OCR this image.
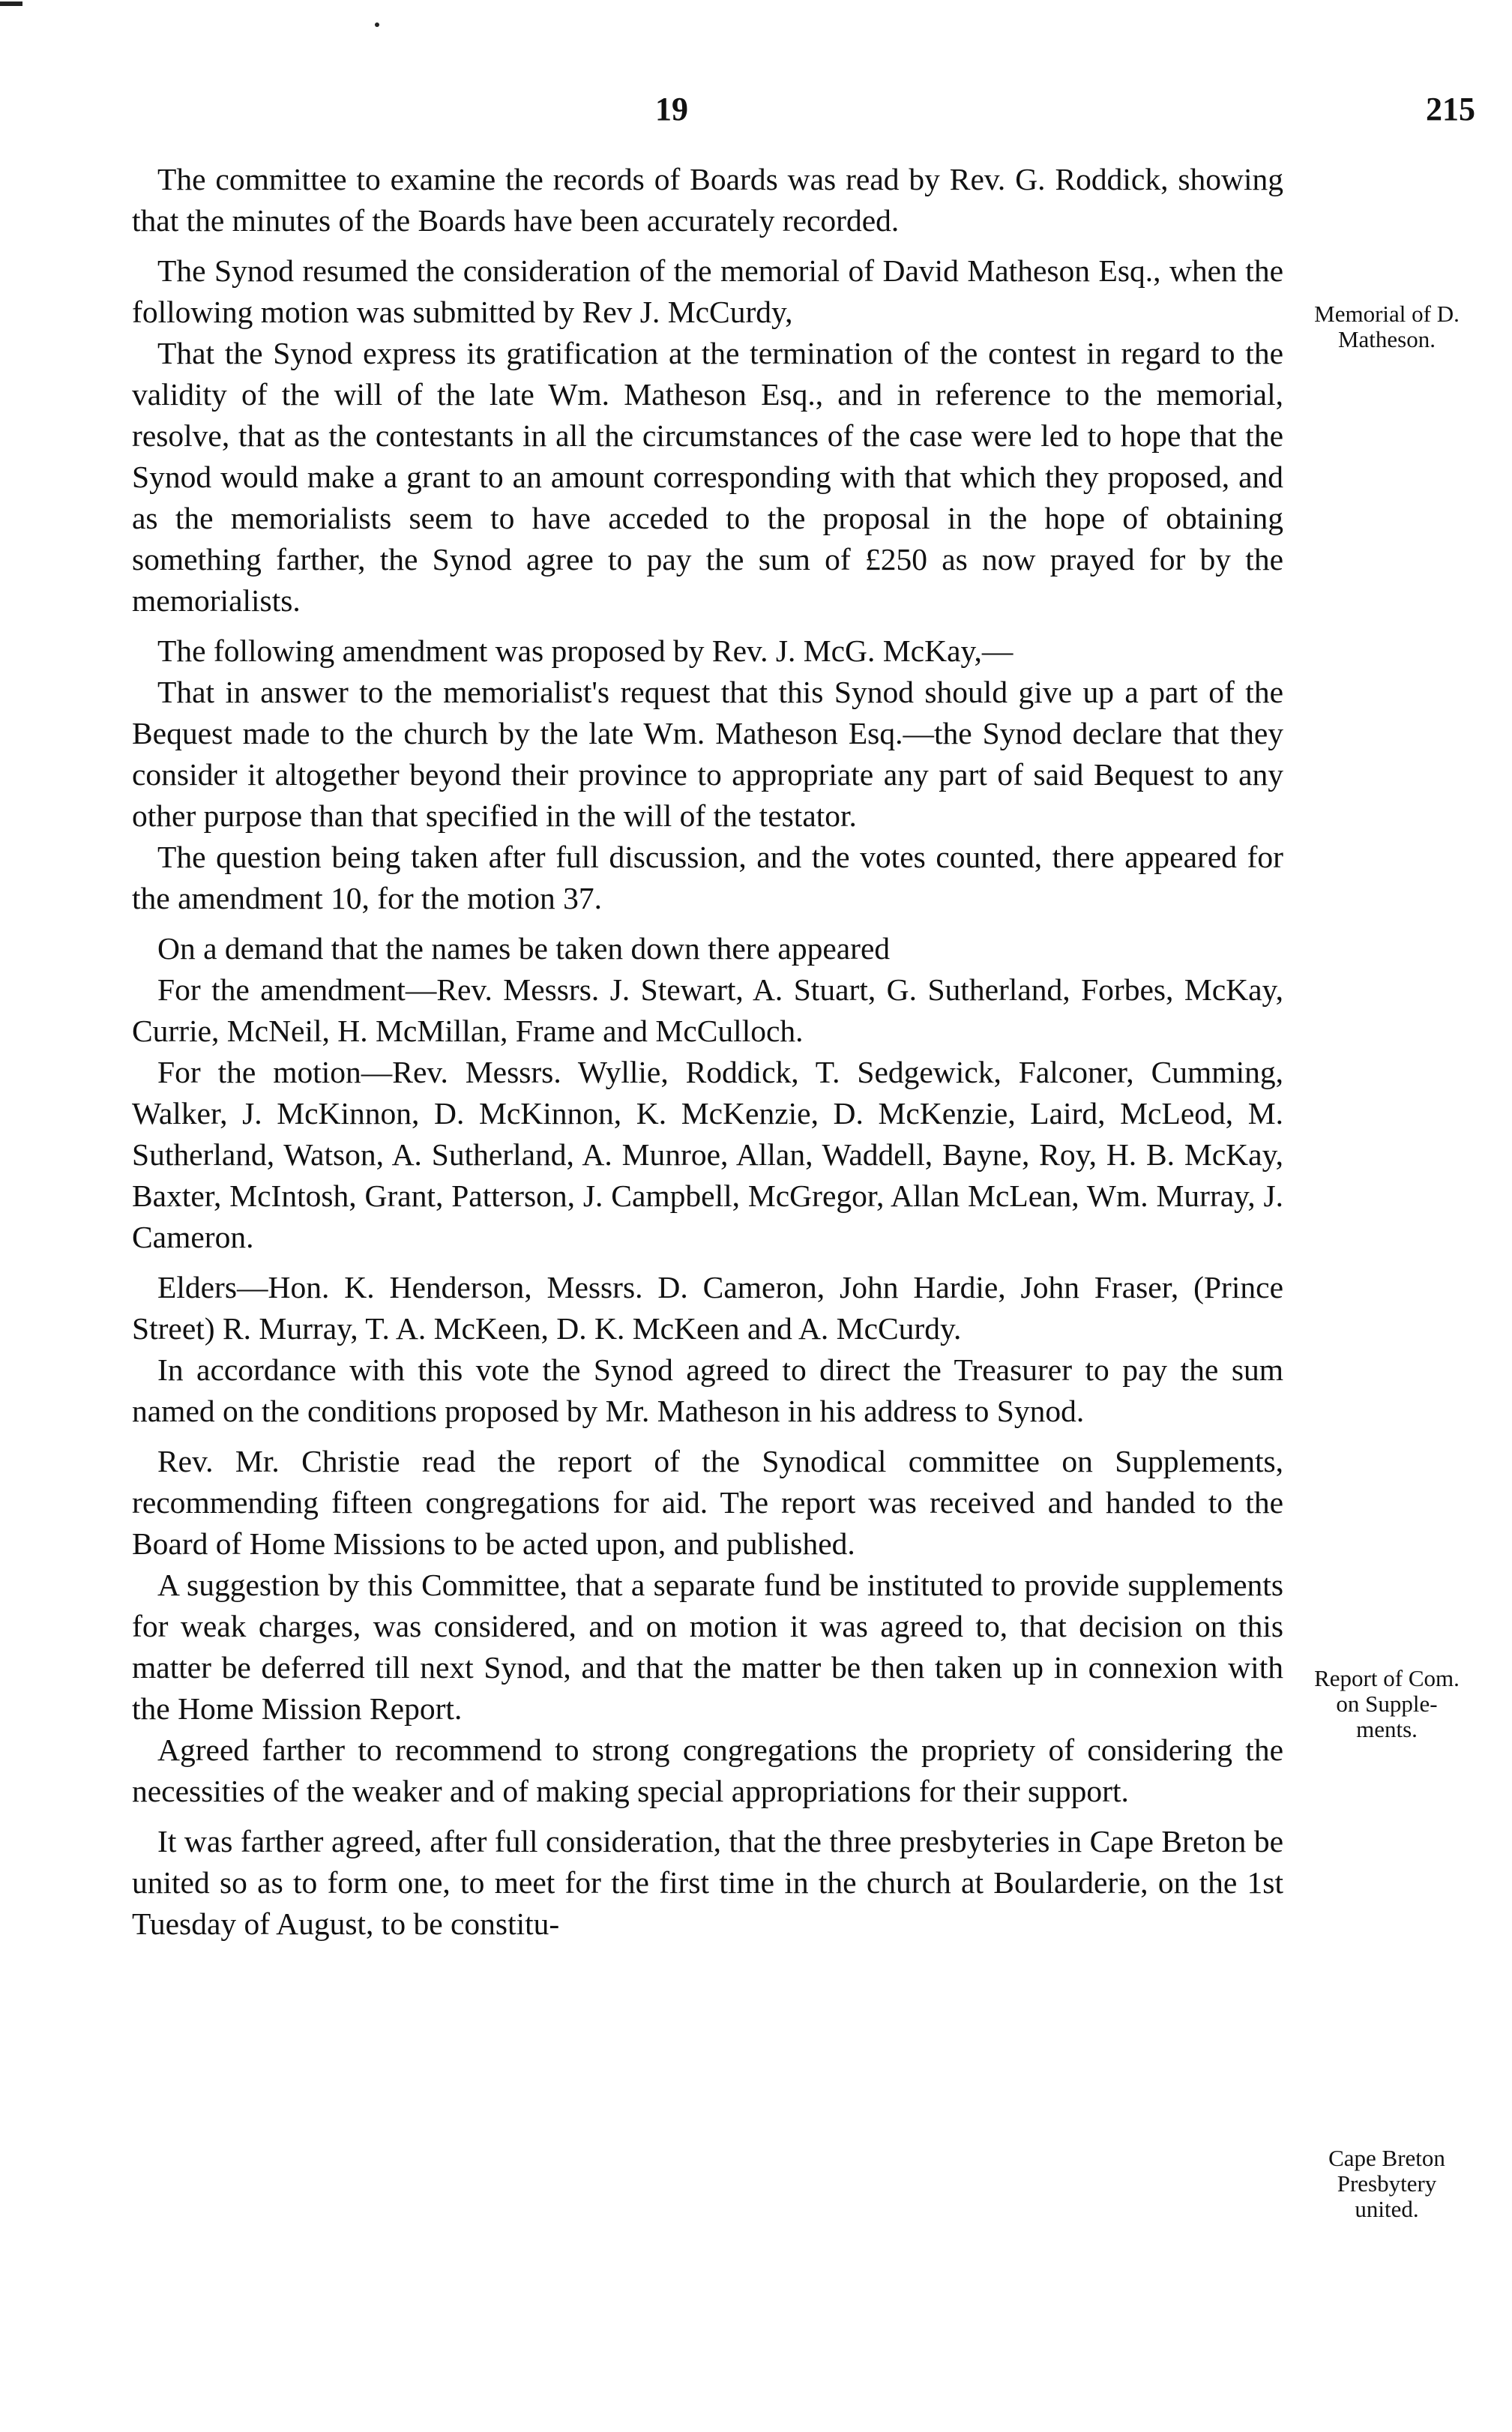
19	215

The committee to examine the records of Boards was read by Rev. G. Roddick, showing that the minutes of the Boards have been accurately recorded.

The Synod resumed the consideration of the memorial of David Matheson Esq., when the following motion was submitted by Rev J. McCurdy,

That the Synod express its gratification at the termination of the contest in regard to the validity of the will of the late Wm. Matheson Esq., and in reference to the memorial, resolve, that as the contestants in all the circumstances of the case were led to hope that the Synod would make a grant to an amount corresponding with that which they proposed, and as the memorialists seem to have acceded to the proposal in the hope of obtaining something farther, the Synod agree to pay the sum of £250 as now prayed for by the memorialists.

The following amendment was proposed by Rev. J. McG. McKay,—

That in answer to the memorialist's request that this Synod should give up a part of the Bequest made to the church by the late Wm. Matheson Esq.—the Synod declare that they consider it altogether beyond their province to appropriate any part of said Bequest to any other purpose than that specified in the will of the testator.

The question being taken after full discussion, and the votes counted, there appeared for the amendment 10, for the motion 37.

On a demand that the names be taken down there appeared

For the amendment—Rev. Messrs. J. Stewart, A. Stuart, G. Sutherland, Forbes, McKay, Currie, McNeil, H. McMillan, Frame and McCulloch.

For the motion—Rev. Messrs. Wyllie, Roddick, T. Sedgewick, Falconer, Cumming, Walker, J. McKinnon, D. McKinnon, K. McKenzie, D. McKenzie, Laird, McLeod, M. Sutherland, Watson, A. Sutherland, A. Munroe, Allan, Waddell, Bayne, Roy, H. B. McKay, Baxter, McIntosh, Grant, Patterson, J. Campbell, McGregor, Allan McLean, Wm. Murray, J. Cameron.

Elders—Hon. K. Henderson, Messrs. D. Cameron, John Hardie, John Fraser, (Prince Street) R. Murray, T. A. McKeen, D. K. McKeen and A. McCurdy.

In accordance with this vote the Synod agreed to direct the Treasurer to pay the sum named on the conditions proposed by Mr. Matheson in his address to Synod.

Rev. Mr. Christie read the report of the Synodical committee on Supplements, recommending fifteen congregations for aid. The report was received and handed to the Board of Home Missions to be acted upon, and published.

A suggestion by this Committee, that a separate fund be instituted to provide supplements for weak charges, was considered, and on motion it was agreed to, that decision on this matter be deferred till next Synod, and that the matter be then taken up in connexion with the Home Mission Report.

Agreed farther to recommend to strong congregations the propriety of considering the necessities of the weaker and of making special appropriations for their support.

It was farther agreed, after full consideration, that the three presbyteries in Cape Breton be united so as to form one, to meet for the first time in the church at Boularderie, on the 1st Tuesday of August, to be constitu-

Memorial of D.
Matheson.
Report of Com.
on Supple-
ments.
Cape Breton
Presbytery
united.
